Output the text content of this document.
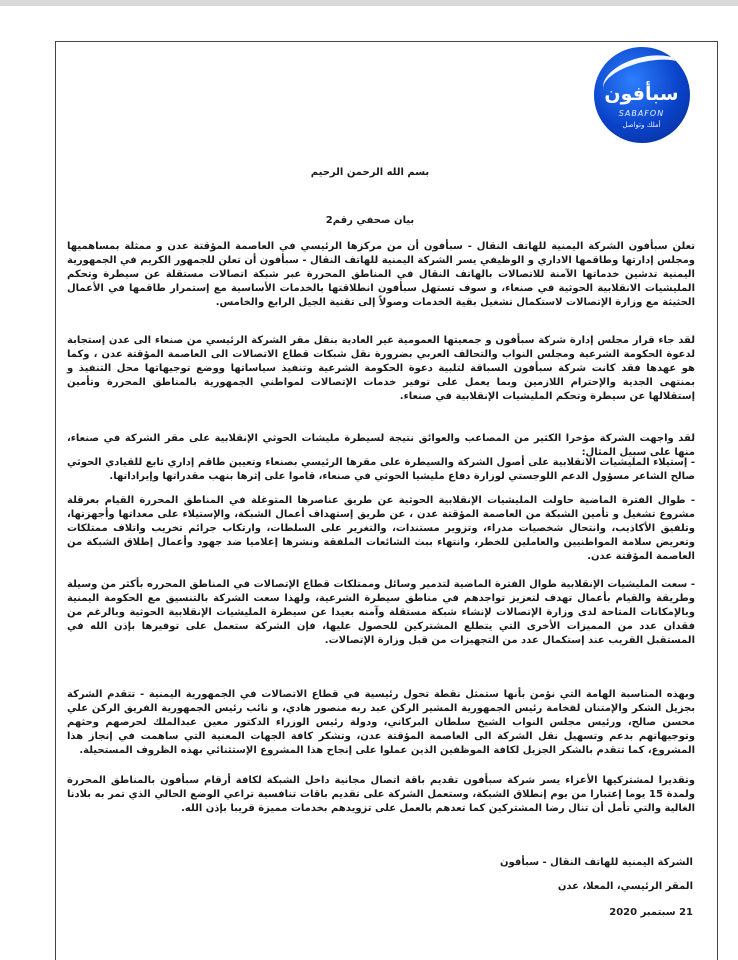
سبأفون
SABAFON
أملك وتواصل
بسم الله الرحمن الرحيم
بيان صحفي رقم2
تعلن سبأفون الشركة اليمنية للهاتف النقال - سبأفون أن من مركزها الرئيسي في العاصمة المؤقتة عدن و ممثلة بمساهميها ومجلس إدارتها وطاقمها الاداري و الوظيفي يسر الشركة اليمنية للهاتف النقال - سبأفون أن تعلن للجمهور الكريم في الجمهورية اليمنية تدشين خدماتها الآمنة للاتصالات بالهاتف النقال في المناطق المحررة عبر شبكة اتصالات مستقلة عن سيطرة وتحكم المليشيات الانقلابية الحوثية في صنعاء، و سوف تستهل سبأفون انطلاقتها بالخدمات الأساسية مع إستمرار طاقمها في الأعمال الحثيثة مع وزارة الإتصالات لاستكمال تشغيل بقية الخدمات وصولاً إلى تقنية الجيل الرابع والخامس.
لقد جاء قرار مجلس إدارة شركة سبأفون و جمعيتها العمومية غير العادية بنقل مقر الشركة الرئيسي من صنعاء الى عدن إستجابة لدعوة الحكومة الشرعية ومجلس النواب والتحالف العربي بضرورة نقل شبكات قطاع الاتصالات الى العاصمة المؤقتة عدن ، وكما هو عهدها فقد كانت شركة سبأفون السباقة لتلبية دعوة الحكومة الشرعية وتنفيذ سياساتها ووضع توجيهاتها محل التنفيذ و بمنتهى الجدية والإحترام اللازمين وبما يعمل على توفير خدمات الإتصالات لمواطني الجمهورية بالمناطق المحررة وتأمين إستقلالها عن سيطرة وتحكم المليشيات الإنقلابية في صنعاء.
لقد واجهت الشركة مؤخرا الكثير من المصاعب والعوائق نتيجة لسيطرة مليشات الحوثي الإنقلابية على مقر الشركة في صنعاء، منها على سبيل المثال:
- إستيلاء المليشيات الانقلابية على أصول الشركة والسيطرة على مقرها الرئيسي بصنعاء وتعيين طاقم إداري تابع للقيادي الحوثي صالح الشاعر مسؤول الدعم اللوجستي لوزارة دفاع مليشيا الحوثي في صنعاء، قاموا على إثرها بنهب مقدراتها وإيراداتها.
- طوال الفترة الماضية حاولت المليشيات الإنقلابية الحوثية عن طريق عناصرها المتوغلة في المناطق المحررة القيام بعرقلة مشروع تشغيل و تأمين الشبكة من العاصمة المؤقتة عدن ، عن طريق إستهداف أعمال الشبكة، والإستيلاء على معداتها وأجهزتها، وتلفيق الأكاذيب، وانتحال شخصيات مدراء، وتزوير مستندات، والتغرير على السلطات، وارتكاب جرائم تخريب واتلاف ممتلكات وتعريض سلامة المواطنيين والعاملين للخطر، وانتهاء ببث الشائعات الملفقة ونشرها إعلاميا ضد جهود وأعمال إطلاق الشبكة من العاصمة المؤقتة عدن.
- سعت المليشيات الإنقلابية طوال الفترة الماضية لتدمير وسائل وممتلكات قطاع الإتصالات في المناطق المحرره بأكثر من وسيلة وطريقة والقيام بأعمال تهدف لتعزيز تواجدهم في مناطق سيطرة الشرعية، ولهذا سعت الشركة بالتنسيق مع الحكومة اليمنية وبالإمكانات المتاحة لدى وزارة الإتصالات لإنشاء شبكة مستقلة وآمنه بعيدا عن سيطرة المليشيات الإنقلابية الحوثية وبالرغم من فقدان عدد من المميزات الأخرى التي يتطلع المشتركين للحصول عليها، فإن الشركة ستعمل على توفيرها بإذن الله في المستقبل القريب عند إستكمال عدد من التجهيزات من قبل وزارة الإتصالات.
وبهذه المناسبة الهامة التي نؤمن بأنها ستمثل نقطة تحول رئيسية في قطاع الاتصالات في الجمهورية اليمنية - تتقدم الشركة بجزيل الشكر والإمتنان لفخامة رئيس الجمهورية المشير الركن عبد ربه منصور هادي، و نائب رئيس الجمهورية الفريق الركن علي محسن صالح، ورئيس مجلس النواب الشيخ سلطان البركاني، ودولة رئيس الوزراء الدكتور معين عبدالملك لحرصهم وحثهم وتوجيهاتهم بدعم وتسهيل نقل الشركة الى العاصمة المؤقتة عدن، وتشكر كافة الجهات المعنية التي ساهمت في إنجاز هذا المشروع، كما تتقدم بالشكر الجزيل لكافة الموظفين الذين عملوا على إنجاح هذا المشروع الإستثنائي بهذه الظروف المستحيلة.
وتقديرا لمشتركيها الأعزاء يسر شركة سبأفون تقديم باقة اتصال مجانية داخل الشبكة لكافة أرقام سبأفون بالمناطق المحررة ولمدة 15 يوما إعتبارا من يوم إنطلاق الشبكة، وستعمل الشركة على تقديم باقات تنافسية تراعي الوضع الحالي الذي تمر به بلادنا الغالية والتي تأمل أن تنال رضا المشتركين كما تعدهم بالعمل على تزويدهم بخدمات مميزة قريبا بإذن الله.
الشركة اليمنية للهاتف النقال - سبأفون
المقر الرئيسي، المعلا، عدن
21 سبتمبر 2020
